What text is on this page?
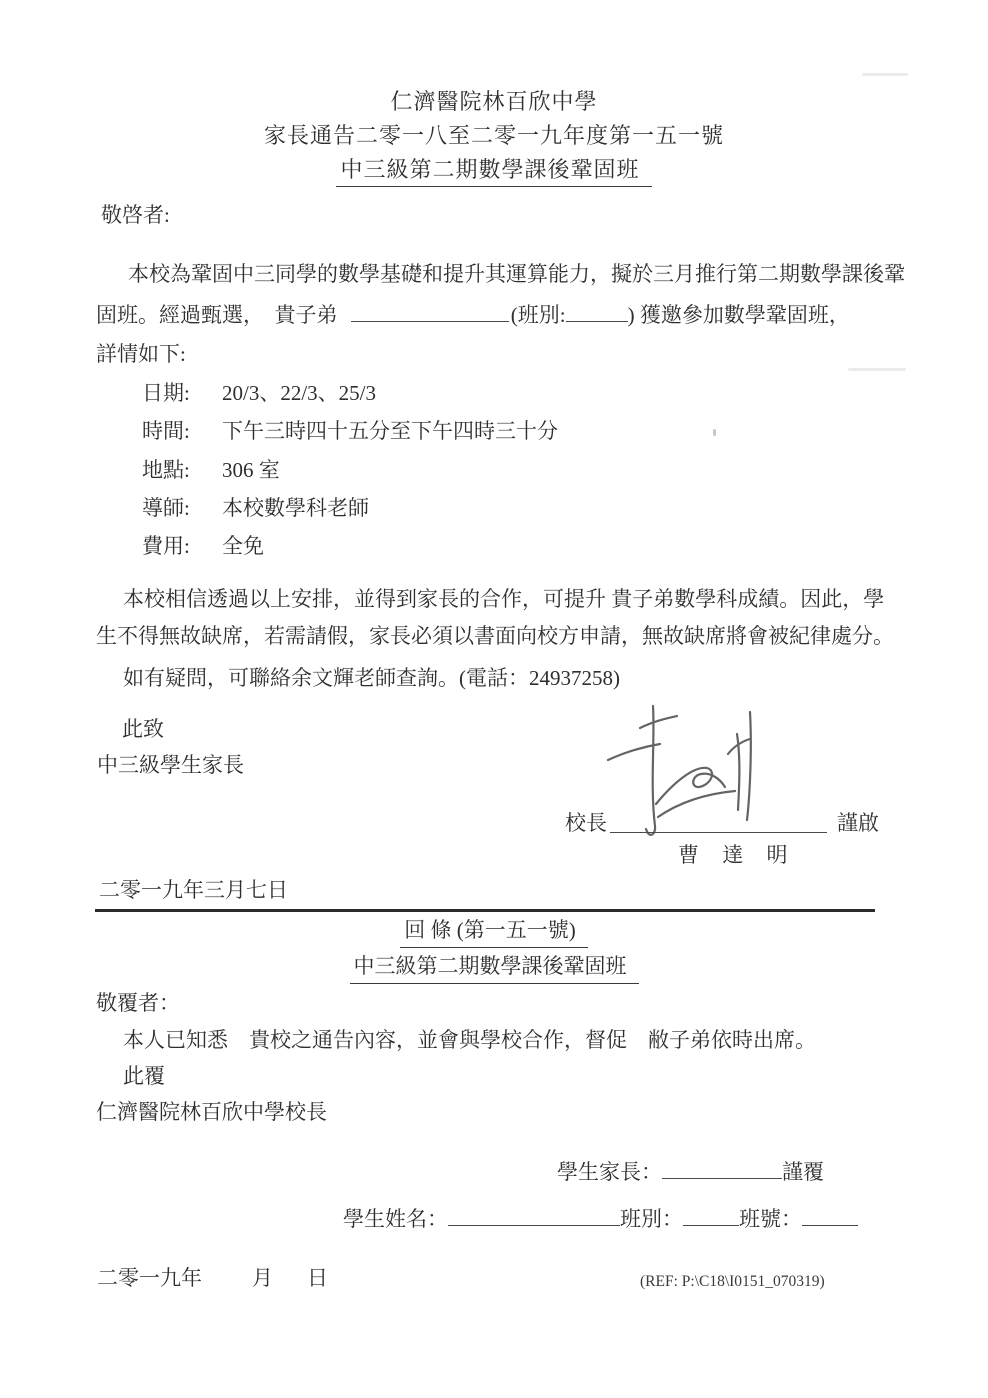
仁濟醫院林百欣中學
家長通告二零一八至二零一九年度第一五一號
中三級第二期數學課後鞏固班
敬啓者:
本校為鞏固中三同學的數學基礎和提升其運算能力，擬於三月推行第二期數學課後鞏
固班。經過甄選，　貴子弟	(班別:	) 獲邀參加數學鞏固班，
詳情如下:
日期: 20/3、22/3、25/3
時間: 下午三時四十五分至下午四時三十分
地點: 306 室
導師: 本校數學科老師
費用: 全免
本校相信透過以上安排，並得到家長的合作，可提升 貴子弟數學科成績。因此，學
生不得無故缺席，若需請假，家長必須以書面向校方申請，無故缺席將會被紀律處分。
如有疑問，可聯絡余文輝老師查詢。(電話：24937258)
此致
中三級學生家長
校長	謹啟
曹 達 明
二零一九年三月七日
回 條 (第一五一號)
中三級第二期數學課後鞏固班
敬覆者：
本人已知悉　貴校之通告內容，並會與學校合作，督促　敝子弟依時出席。
此覆
仁濟醫院林百欣中學校長
學生家長：	謹覆
學生姓名：	班別：	班號：
二零一九年 月 日	(REF: P:\C18\I0151_070319)
